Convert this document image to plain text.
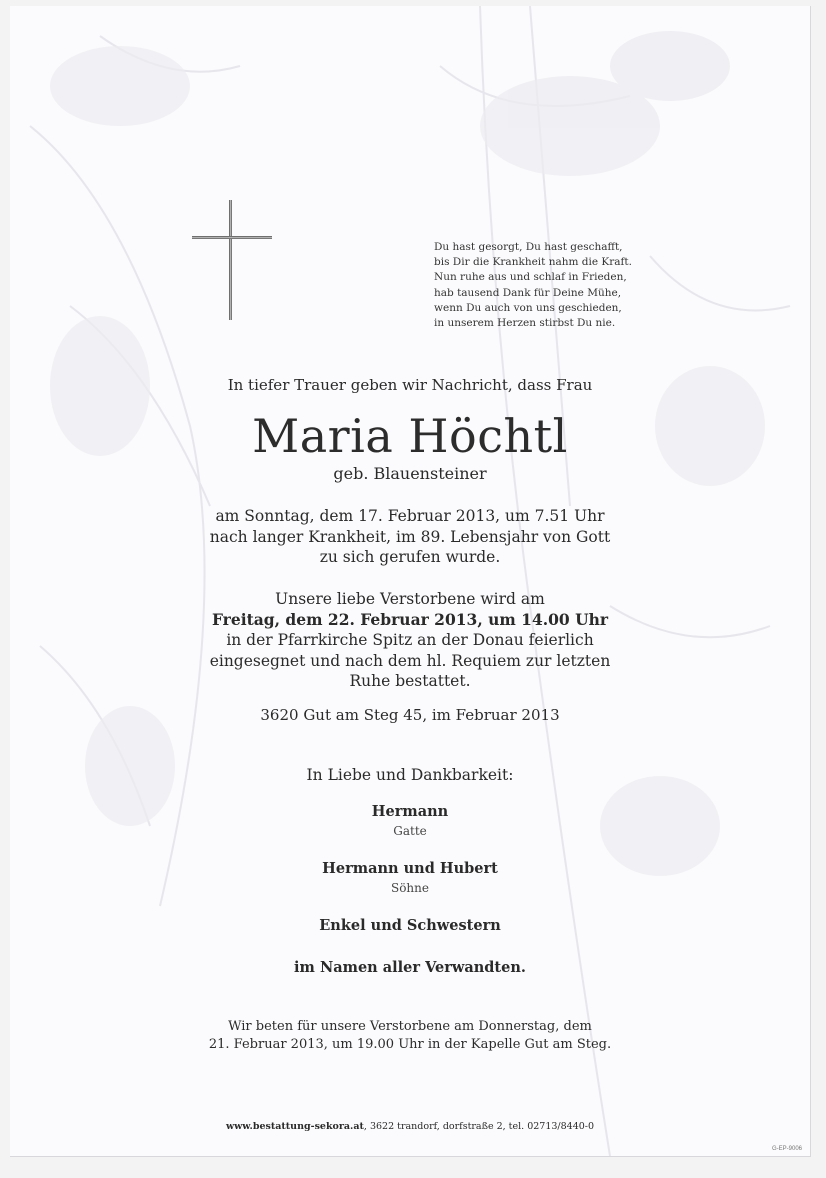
Du hast gesorgt, Du hast geschafft,
bis Dir die Krankheit nahm die Kraft.
Nun ruhe aus und schlaf in Frieden,
hab tausend Dank für Deine Mühe,
wenn Du auch von uns geschieden,
in unserem Herzen stirbst Du nie.
In tiefer Trauer geben wir Nachricht, dass Frau
Maria Höchtl
geb. Blauensteiner
am Sonntag, dem 17. Februar 2013, um 7.51 Uhr
nach langer Krankheit, im 89. Lebensjahr von Gott
zu sich gerufen wurde.
Unsere liebe Verstorbene wird am
Freitag, dem 22. Februar 2013, um 14.00 Uhr
in der Pfarrkirche Spitz an der Donau feierlich
eingesegnet und nach dem hl. Requiem zur letzten
Ruhe bestattet.
3620 Gut am Steg 45, im Februar 2013
In Liebe und Dankbarkeit:
Hermann
Gatte
Hermann und Hubert
Söhne
Enkel und Schwestern
im Namen aller Verwandten.
Wir beten für unsere Verstorbene am Donnerstag, dem
21. Februar 2013, um 19.00 Uhr in der Kapelle Gut am Steg.
www.bestattung-sekora.at, 3622 trandorf, dorfstraße 2, tel. 02713/8440-0
G-EP-9006
